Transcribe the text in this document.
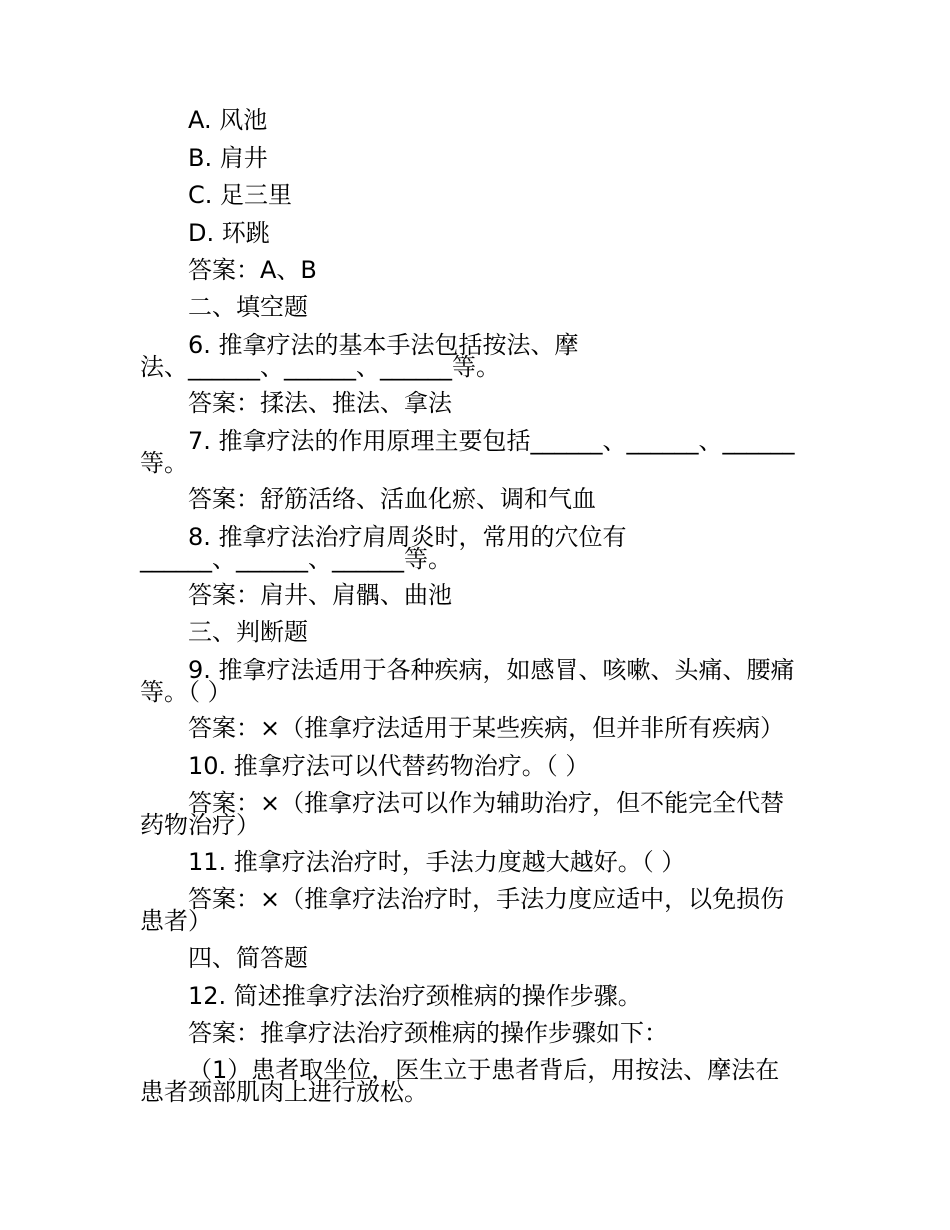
A. 风池
B. 肩井
C. 足三里
D. 环跳
答案：A、B
二、填空题
6. 推拿疗法的基本手法包括按法、摩
法、______、______、______等。
答案：揉法、推法、拿法
7. 推拿疗法的作用原理主要包括______、______、______
等。
答案：舒筋活络、活血化瘀、调和气血
8. 推拿疗法治疗肩周炎时，常用的穴位有
______、______、______等。
答案：肩井、肩髃、曲池
三、判断题
9. 推拿疗法适用于各种疾病，如感冒、咳嗽、头痛、腰痛
等。（ ）
答案：×（推拿疗法适用于某些疾病，但并非所有疾病）
10. 推拿疗法可以代替药物治疗。（ ）
答案：×（推拿疗法可以作为辅助治疗，但不能完全代替
药物治疗）
11. 推拿疗法治疗时，手法力度越大越好。（ ）
答案：×（推拿疗法治疗时，手法力度应适中，以免损伤
患者）
四、简答题
12. 简述推拿疗法治疗颈椎病的操作步骤。
答案：推拿疗法治疗颈椎病的操作步骤如下：
（1）患者取坐位，医生立于患者背后，用按法、摩法在
患者颈部肌肉上进行放松。
